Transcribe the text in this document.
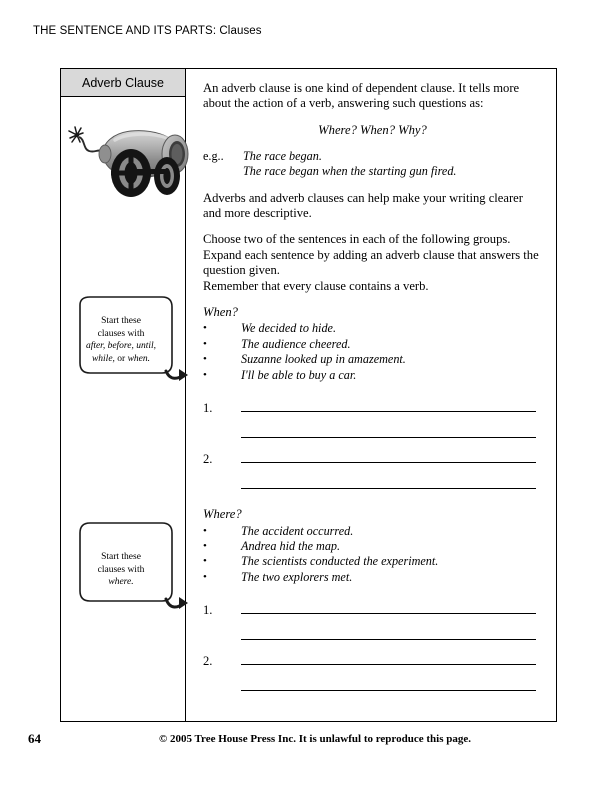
THE SENTENCE AND ITS PARTS: Clauses
Adverb Clause
Start these
clauses with
after, before, until,
while, or when.
Start these
clauses with
where.

An adverb clause is one kind of dependent clause. It tells more about the action of a verb, answering such questions as:

Where? When? Why?
e.g..	The race began.
The race began when the starting gun fired.

Adverbs and adverb clauses can help make your writing clearer and more descriptive.

Choose two of the sentences in each of the following groups.
Expand each sentence by adding an adverb clause that answers the question given.
Remember that every clause contains a verb.
When?
•	We decided to hide.
•	The audience cheered.
•	Suzanne looked up in amazement.
•	I'll be able to buy a car.
1.
2.
Where?
•	The accident occurred.
•	Andrea hid the map.
•	The scientists conducted the experiment.
•	The two explorers met.
1.
2.
64	© 2005 Tree House Press Inc. It is unlawful to reproduce this page.
